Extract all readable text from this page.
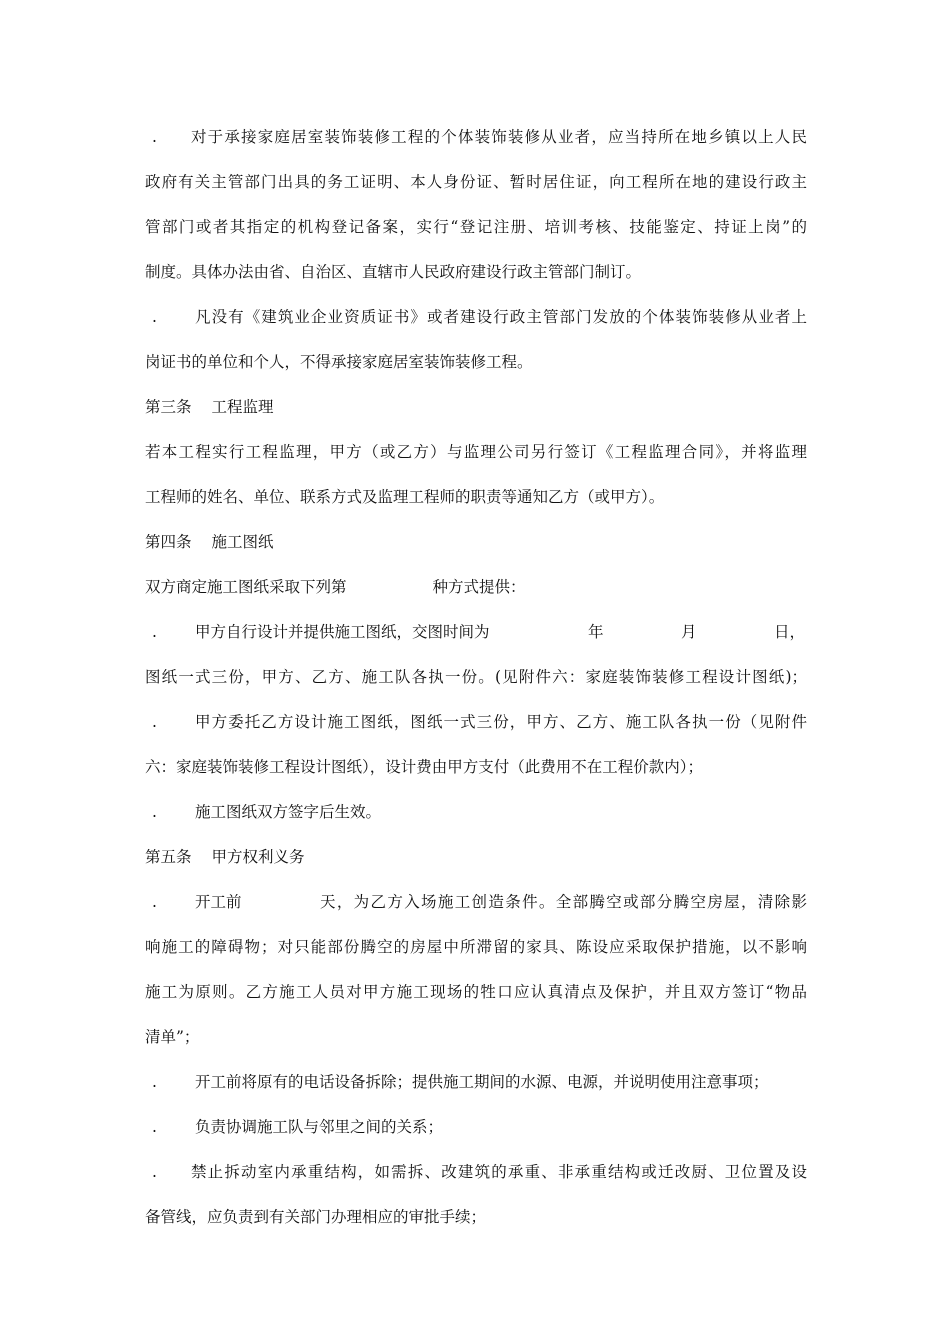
. 对于承接家庭居室装饰装修工程的个体装饰装修从业者，应当持所在地乡镇以上人民
政府有关主管部门出具的务工证明、本人身份证、暂时居住证，向工程所在地的建设行政主
管部门或者其指定的机构登记备案，实行“登记注册、培训考核、技能鉴定、持证上岗”的
制度。具体办法由省、自治区、直辖市人民政府建设行政主管部门制订。
. 凡没有《建筑业企业资质证书》或者建设行政主管部门发放的个体装饰装修从业者上
岗证书的单位和个人，不得承接家庭居室装饰装修工程。
第三条 工程监理
若本工程实行工程监理，甲方（或乙方）与监理公司另行签订《工程监理合同》，并将监理
工程师的姓名、单位、联系方式及监理工程师的职责等通知乙方（或甲方）。
第四条 施工图纸
双方商定施工图纸采取下列第	种方式提供：
. 甲方自行设计并提供施工图纸，交图时间为	年	月	日，
图纸一式三份，甲方、乙方、施工队各执一份。(见附件六：家庭装饰装修工程设计图纸)；
. 甲方委托乙方设计施工图纸，图纸一式三份，甲方、乙方、施工队各执一份（见附件
六：家庭装饰装修工程设计图纸），设计费由甲方支付（此费用不在工程价款内）；
. 施工图纸双方签字后生效。
第五条 甲方权利义务
. 开工前	天，为乙方入场施工创造条件。全部腾空或部分腾空房屋，清除影
响施工的障碍物；对只能部份腾空的房屋中所滞留的家具、陈设应采取保护措施，以不影响
施工为原则。乙方施工人员对甲方施工现场的牲口应认真清点及保护，并且双方签订“物品
清单”；
. 开工前将原有的电话设备拆除；提供施工期间的水源、电源，并说明使用注意事项；
. 负责协调施工队与邻里之间的关系；
. 禁止拆动室内承重结构，如需拆、改建筑的承重、非承重结构或迁改厨、卫位置及设
备管线，应负责到有关部门办理相应的审批手续；
